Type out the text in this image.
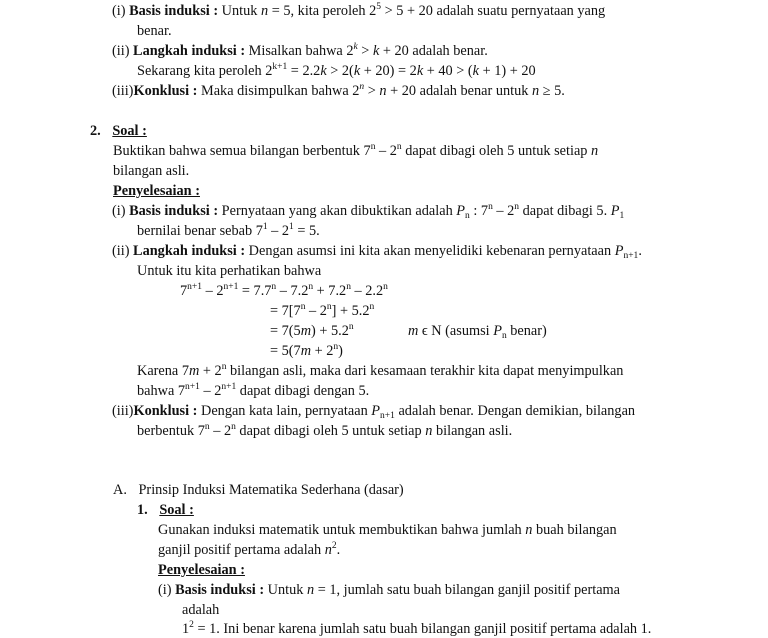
(i) Basis induksi : Untuk n = 5, kita peroleh $2^5 > 5 + 20$ adalah suatu pernyataan yang
benar.
(ii) Langkah induksi : Misalkan bahwa $2^k > k + 20$ adalah benar.
Sekarang kita peroleh $2^{k+1} = 2.2k > 2(k + 20) = 2k + 40 > (k + 1) + 20$
(iii)Konklusi : Maka disimpulkan bahwa $2^n > n + 20$ adalah benar untuk n ≥ 5.
2. Soal :
Buktikan bahwa semua bilangan berbentuk 7$^n$ – 2$^n$ dapat dibagi oleh 5 untuk setiap n
bilangan asli.
Penyelesaian :
(i) Basis induksi : Pernyataan yang akan dibuktikan adalah $P_n$ : 7$^n$ – 2$^n$ dapat dibagi 5. $P_1$
bernilai benar sebab $7^1 - 2^1 = 5$.
(ii) Langkah induksi : Dengan asumsi ini kita akan menyelidiki kebenaran pernyataan $P_{n+1}$.
Untuk itu kita perhatikan bahwa
$7^{n+1} - 2^{n+1} = 7.7^n - 7.2^n + 7.2^n - 2.2^n$
= $7[7^n - 2^n] + 5.2^n$
= $7(5m) + 5.2^n$	m ϵ N (asumsi $P_n$ benar)
= $5(7m + 2^n)$
Karena $7m + 2^n$ bilangan asli, maka dari kesamaan terakhir kita dapat menyimpulkan
bahwa $7^{n+1} - 2^{n+1}$ dapat dibagi dengan 5.
(iii)Konklusi : Dengan kata lain, pernyataan $P_{n+1}$ adalah benar. Dengan demikian, bilangan
berbentuk 7$^n$ – 2$^n$ dapat dibagi oleh 5 untuk setiap n bilangan asli.
A. Prinsip Induksi Matematika Sederhana (dasar)
1. Soal :
Gunakan induksi matematik untuk membuktikan bahwa jumlah n buah bilangan
ganjil positif pertama adalah $n^2$.
Penyelesaian :
(i) Basis induksi : Untuk n = 1, jumlah satu buah bilangan ganjil positif pertama
adalah
$1^2 = 1$. Ini benar karena jumlah satu buah bilangan ganjil positif pertama adalah 1.
